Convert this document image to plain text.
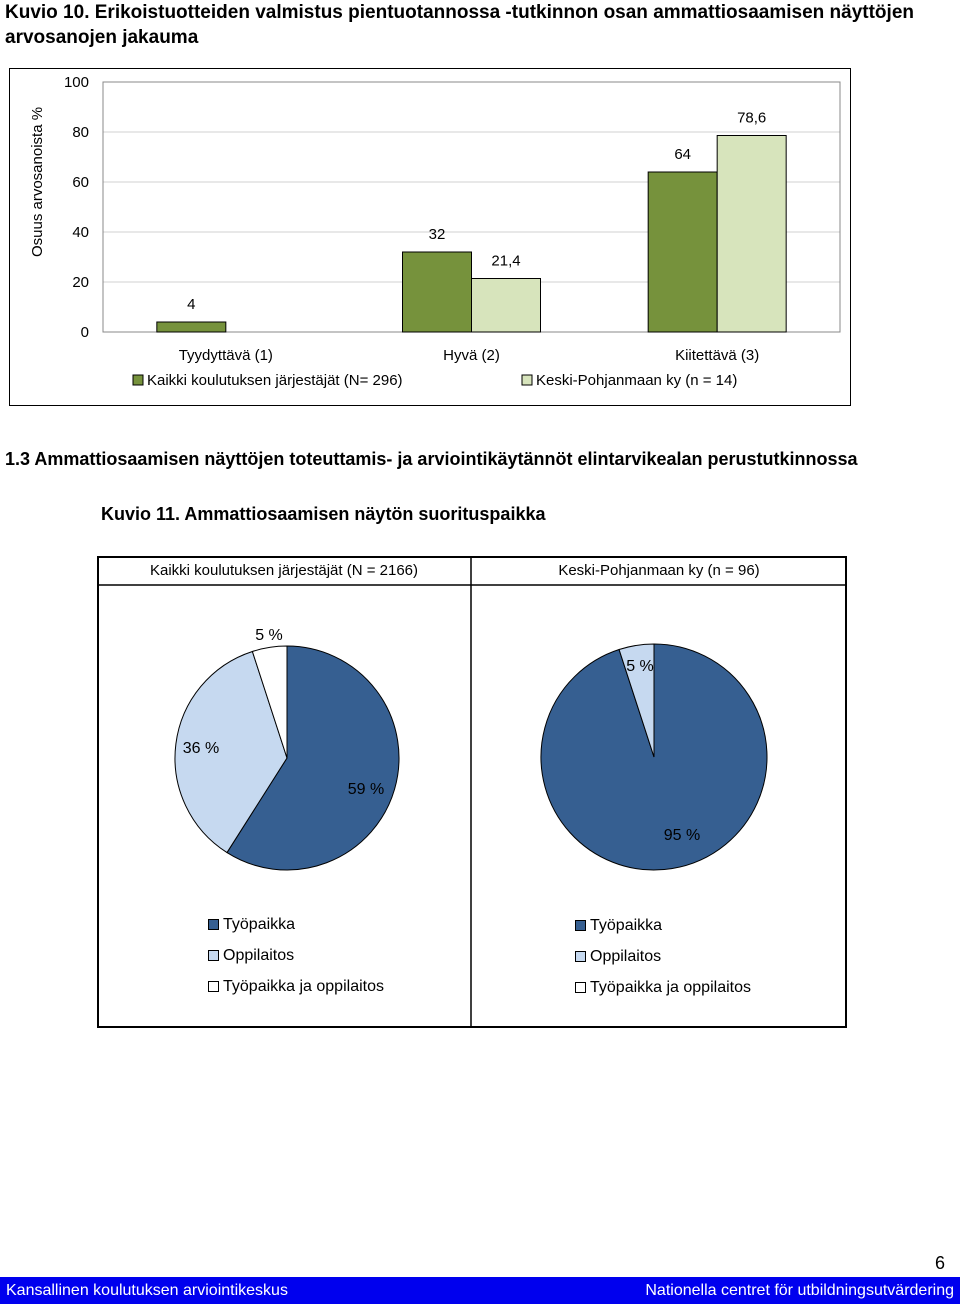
Kuvio 10. Erikoistuotteiden valmistus pientuotannossa -tutkinnon osan ammattiosaamisen näyttöjen arvosanojen jakauma
0
20
40
60
80
100
Osuus arvosanoista %
Tyydyttävä (1)
4
Hyvä (2)
32
21,4
Kiitettävä (3)
64
78,6
Kaikki koulutuksen järjestäjät (N= 296)	Keski-Pohjanmaan ky (n = 14)
1.3 Ammattiosaamisen näyttöjen toteuttamis- ja arviointikäytännöt elintarvikealan perustutkinnossa
Kuvio 11. Ammattiosaamisen näytön suorituspaikka
Kaikki koulutuksen järjestäjät (N = 2166)	Keski-Pohjanmaan ky (n = 96)
59 %
36 %
5 %
95 %
5 %
Työpaikka
Oppilaitos
Työpaikka ja oppilaitos
Työpaikka
Oppilaitos
Työpaikka ja oppilaitos
6
Kansallinen koulutuksen arviointikeskus	Nationella centret för utbildningsutvärdering
